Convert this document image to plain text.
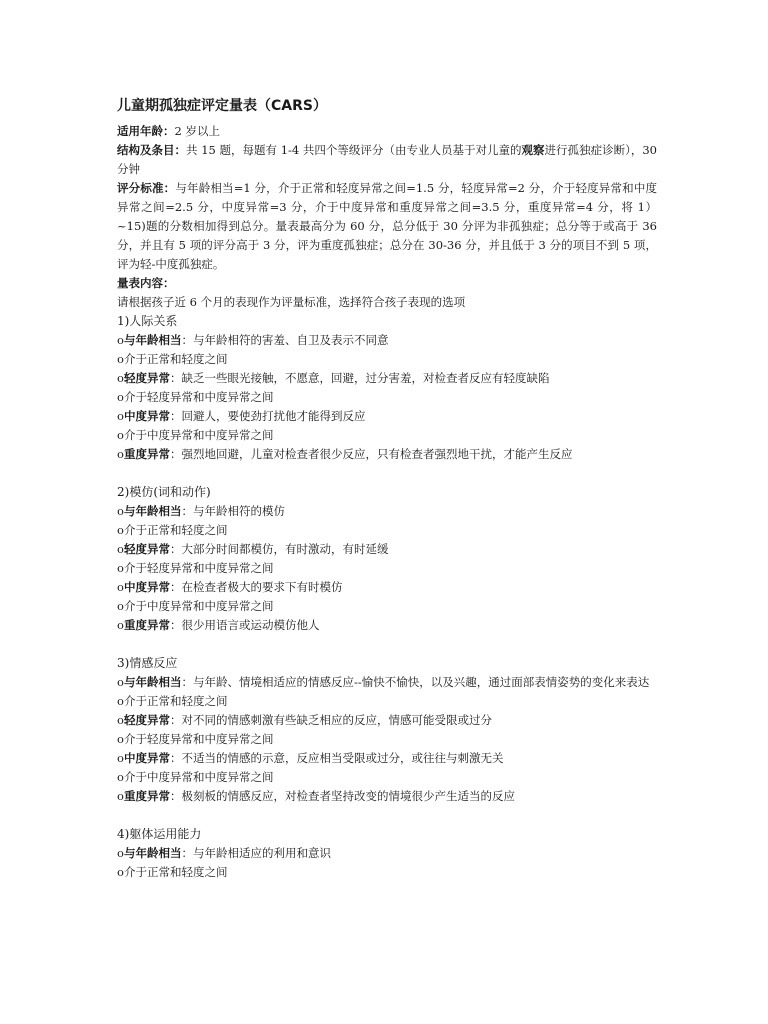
儿童期孤独症评定量表（CARS）

适用年龄：2 岁以上

结构及条目：共 15 题，每题有 1-4 共四个等级评分（由专业人员基于对儿童的观察进行孤独症诊断），30 分钟

评分标准：与年龄相当=1 分，介于正常和轻度异常之间=1.5 分，轻度异常=2 分，介于轻度异常和中度异常之间=2.5 分，中度异常=3 分，介于中度异常和重度异常之间=3.5 分，重度异常=4 分，将 1）~15)题的分数相加得到总分。量表最高分为 60 分，总分低于 30 分评为非孤独症；总分等于或高于 36 分，并且有 5 项的评分高于 3 分，评为重度孤独症；总分在 30-36 分，并且低于 3 分的项目不到 5 项，评为轻-中度孤独症。

量表内容：

请根据孩子近 6 个月的表现作为评量标准，选择符合孩子表现的选项

1)人际关系

o与年龄相当：与年龄相符的害羞、自卫及表示不同意

o介于正常和轻度之间

o轻度异常：缺乏一些眼光接触，不愿意，回避，过分害羞，对检查者反应有轻度缺陷

o介于轻度异常和中度异常之间

o中度异常：回避人，要使劲打扰他才能得到反应

o介于中度异常和中度异常之间

o重度异常：强烈地回避，儿童对检查者很少反应，只有检查者强烈地干扰，才能产生反应

2)模仿(词和动作)

o与年龄相当：与年龄相符的模仿

o介于正常和轻度之间

o轻度异常：大部分时间都模仿，有时激动，有时延缓

o介于轻度异常和中度异常之间

o中度异常：在检查者极大的要求下有时模仿

o介于中度异常和中度异常之间

o重度异常：很少用语言或运动模仿他人

3)情感反应

o与年龄相当：与年龄、情境相适应的情感反应--愉快不愉快，以及兴趣，通过面部表情姿势的变化来表达

o介于正常和轻度之间

o轻度异常：对不同的情感刺激有些缺乏相应的反应，情感可能受限或过分

o介于轻度异常和中度异常之间

o中度异常：不适当的情感的示意，反应相当受限或过分，或往往与刺激无关

o介于中度异常和中度异常之间

o重度异常：极刻板的情感反应，对检查者坚持改变的情境很少产生适当的反应

4)躯体运用能力

o与年龄相当：与年龄相适应的利用和意识

o介于正常和轻度之间
